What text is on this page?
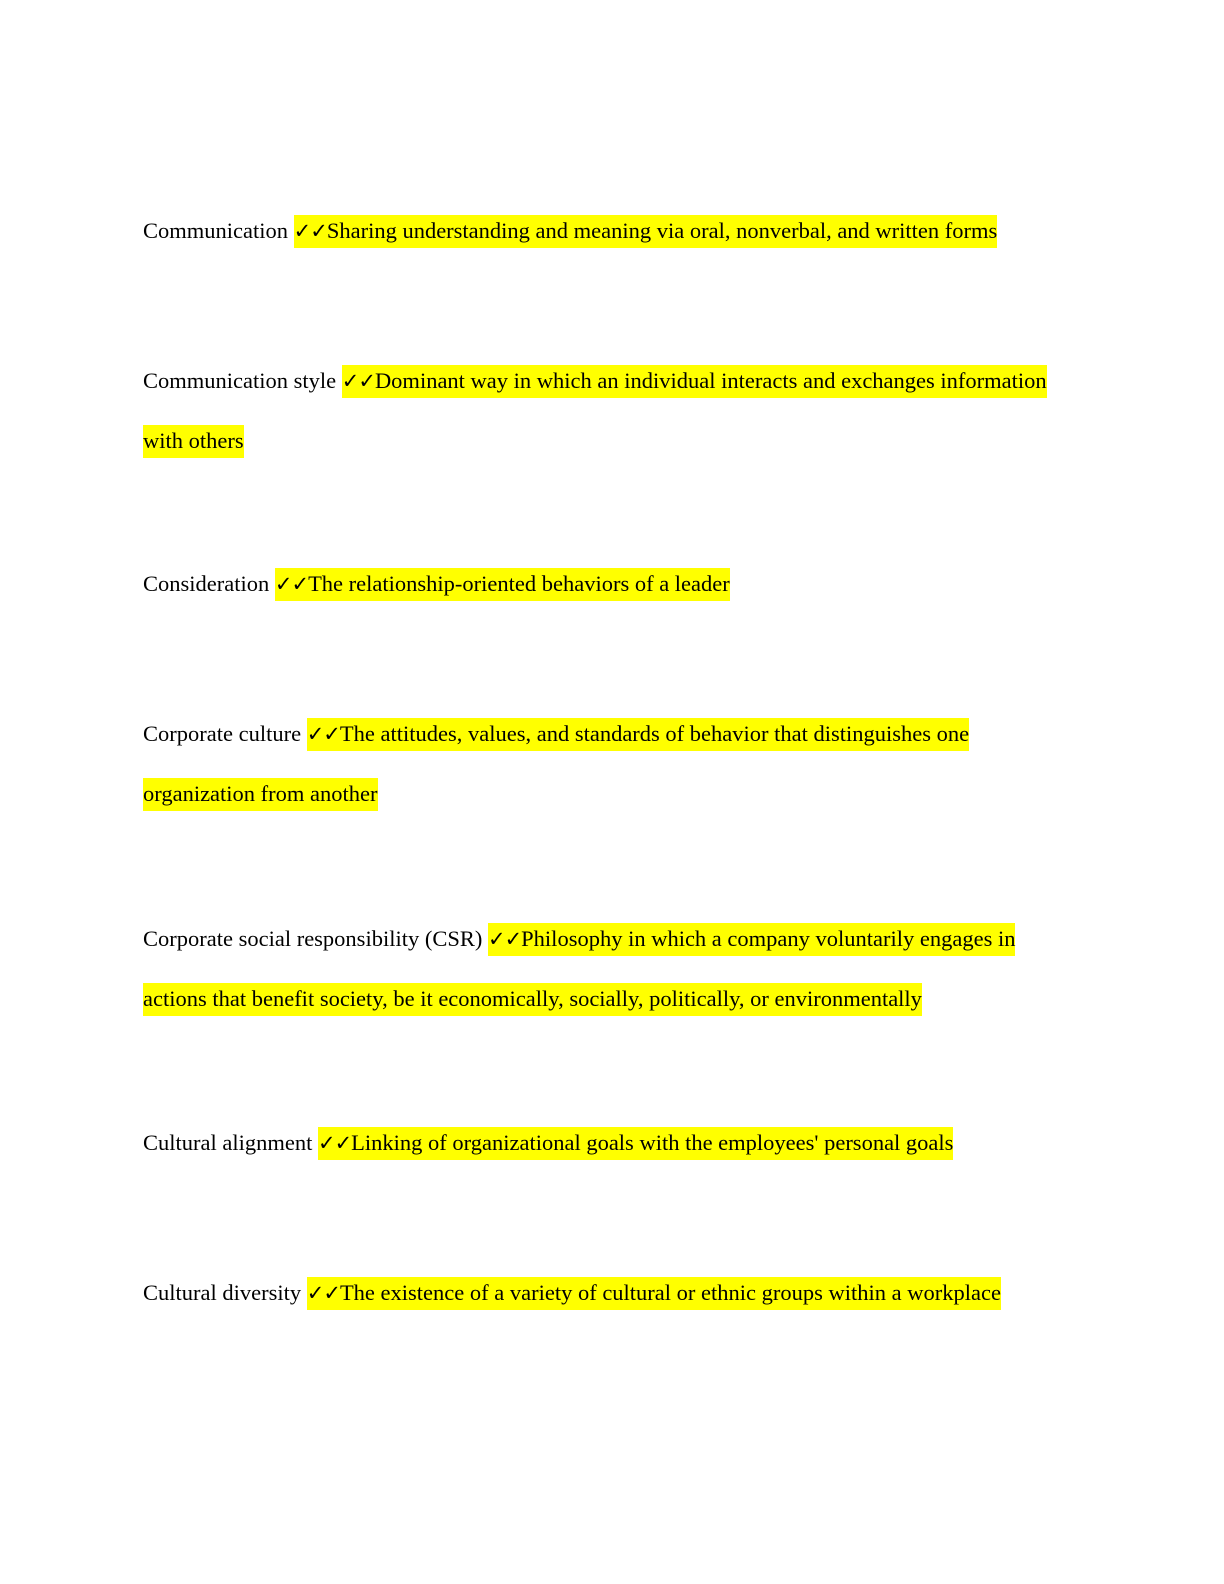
Communication ✓✓Sharing understanding and meaning via oral, nonverbal, and written forms

Communication style ✓✓Dominant way in which an individual interacts and exchanges information with others

Consideration ✓✓The relationship-oriented behaviors of a leader

Corporate culture ✓✓The attitudes, values, and standards of behavior that distinguishes one organization from another

Corporate social responsibility (CSR) ✓✓Philosophy in which a company voluntarily engages in actions that benefit society, be it economically, socially, politically, or environmentally

Cultural alignment ✓✓Linking of organizational goals with the employees' personal goals

Cultural diversity ✓✓The existence of a variety of cultural or ethnic groups within a workplace
